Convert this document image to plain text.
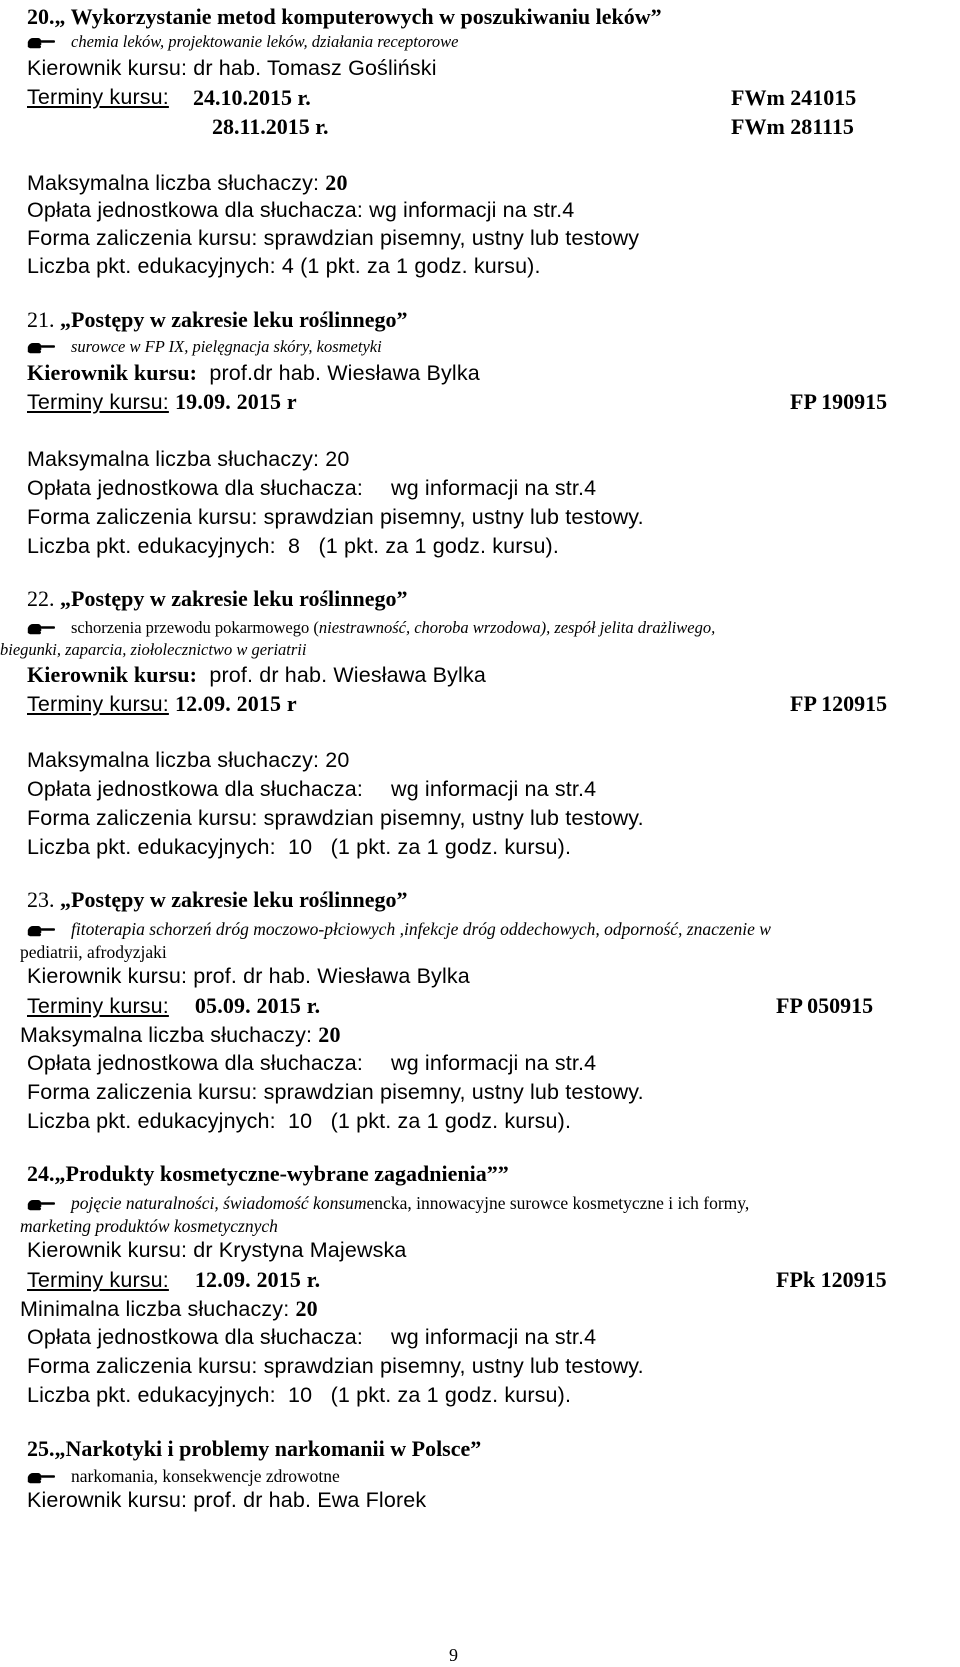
20.„ Wykorzystanie metod komputerowych w poszukiwaniu leków”
chemia leków, projektowanie leków, działania receptorowe
Kierownik kursu: dr hab. Tomasz Gośliński
Terminy kursu: 24.10.2015 r.	FWm 241015
28.11.2015 r.	FWm 281115
Maksymalna liczba słuchaczy: 20
Opłata jednostkowa dla słuchacza: wg informacji na str.4
Forma zaliczenia kursu: sprawdzian pisemny, ustny lub testowy
Liczba pkt. edukacyjnych: 4 (1 pkt. za 1 godz. kursu).
21. „Postępy w zakresie leku roślinnego”
surowce w FP IX, pielęgnacja skóry, kosmetyki
Kierownik kursu: prof.dr hab. Wiesława Bylka
Terminy kursu: 19.09. 2015 r	FP 190915
Maksymalna liczba słuchaczy: 20
Opłata jednostkowa dla słuchacza: wg informacji na str.4
Forma zaliczenia kursu: sprawdzian pisemny, ustny lub testowy.
Liczba pkt. edukacyjnych: 8 (1 pkt. za 1 godz. kursu).
22. „Postępy w zakresie leku roślinnego”
schorzenia przewodu pokarmowego (niestrawność, choroba wrzodowa), zespół jelita drażliwego,
biegunki, zaparcia, ziołolecznictwo w geriatrii
Kierownik kursu: prof. dr hab. Wiesława Bylka
Terminy kursu: 12.09. 2015 r	FP 120915
Maksymalna liczba słuchaczy: 20
Opłata jednostkowa dla słuchacza: wg informacji na str.4
Forma zaliczenia kursu: sprawdzian pisemny, ustny lub testowy.
Liczba pkt. edukacyjnych: 10 (1 pkt. za 1 godz. kursu).
23. „Postępy w zakresie leku roślinnego”
fitoterapia schorzeń dróg moczowo-płciowych ,infekcje dróg oddechowych, odporność, znaczenie w
pediatrii, afrodyzjaki
Kierownik kursu: prof. dr hab. Wiesława Bylka
Terminy kursu: 05.09. 2015 r.	FP 050915
Maksymalna liczba słuchaczy: 20
Opłata jednostkowa dla słuchacza: wg informacji na str.4
Forma zaliczenia kursu: sprawdzian pisemny, ustny lub testowy.
Liczba pkt. edukacyjnych: 10 (1 pkt. za 1 godz. kursu).
24.„Produkty kosmetyczne-wybrane zagadnienia””
pojęcie naturalności, świadomość konsumencka, innowacyjne surowce kosmetyczne i ich formy,
marketing produktów kosmetycznych
Kierownik kursu: dr Krystyna Majewska
Terminy kursu: 12.09. 2015 r.	FPk 120915
Minimalna liczba słuchaczy: 20
Opłata jednostkowa dla słuchacza: wg informacji na str.4
Forma zaliczenia kursu: sprawdzian pisemny, ustny lub testowy.
Liczba pkt. edukacyjnych: 10 (1 pkt. za 1 godz. kursu).
25.„Narkotyki i problemy narkomanii w Polsce”
narkomania, konsekwencje zdrowotne
Kierownik kursu: prof. dr hab. Ewa Florek
9
